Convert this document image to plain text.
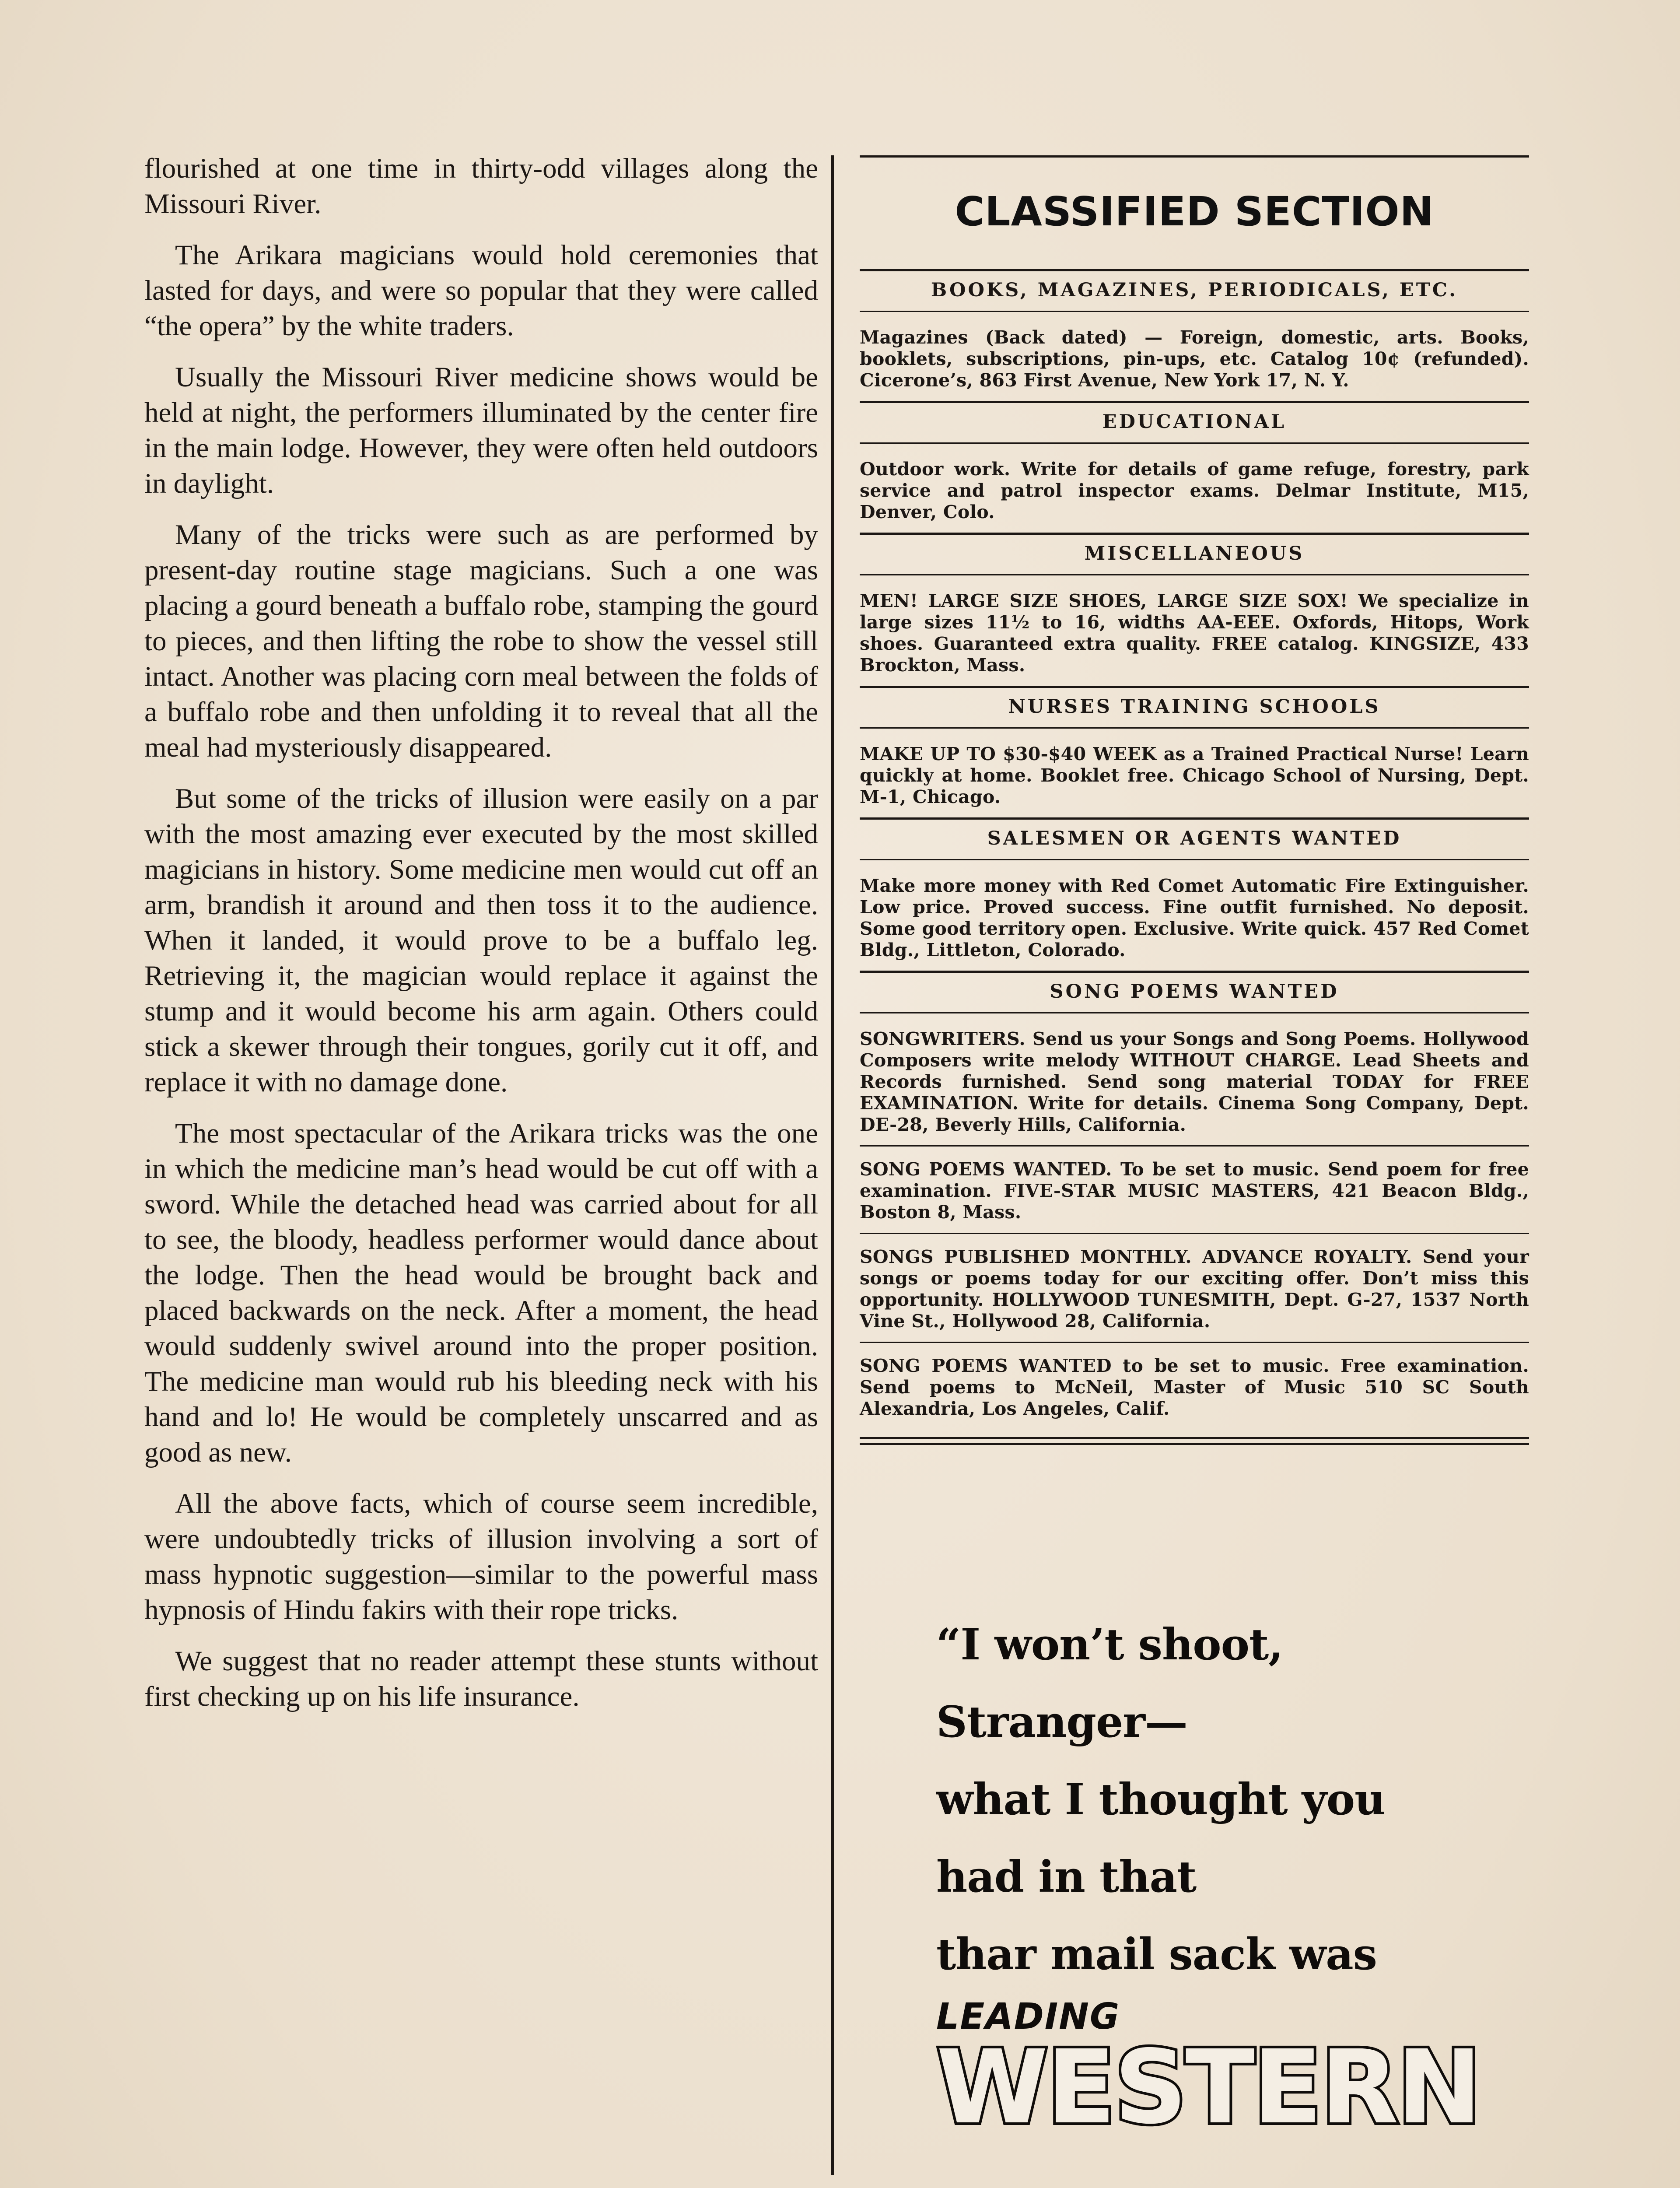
flourished at one time in thirty-odd villages along the Missouri River.

The Arikara magicians would hold ceremonies that lasted for days, and were so popular that they were called “the opera” by the white traders.

Usually the Missouri River medicine shows would be held at night, the performers illuminated by the center fire in the main lodge. However, they were often held outdoors in daylight.

Many of the tricks were such as are performed by present-day routine stage magicians. Such a one was placing a gourd beneath a buffalo robe, stamping the gourd to pieces, and then lifting the robe to show the vessel still intact. Another was placing corn meal between the folds of a buffalo robe and then unfolding it to reveal that all the meal had mysteriously disappeared.

But some of the tricks of illusion were easily on a par with the most amazing ever executed by the most skilled magicians in history. Some medicine men would cut off an arm, brandish it around and then toss it to the audience. When it landed, it would prove to be a buffalo leg. Retrieving it, the magician would replace it against the stump and it would become his arm again. Others could stick a skewer through their tongues, gorily cut it off, and replace it with no damage done.

The most spectacular of the Arikara tricks was the one in which the medicine man’s head would be cut off with a sword. While the detached head was carried about for all to see, the bloody, headless performer would dance about the lodge. Then the head would be brought back and placed backwards on the neck. After a moment, the head would suddenly swivel around into the proper position. The medicine man would rub his bleeding neck with his hand and lo! He would be completely unscarred and as good as new.

All the above facts, which of course seem incredible, were undoubtedly tricks of illusion involving a sort of mass hypnotic suggestion—similar to the powerful mass hypnosis of Hindu fakirs with their rope tricks.

We suggest that no reader attempt these stunts without first checking up on his life insurance.

CLASSIFIED SECTION
BOOKS, MAGAZINES, PERIODICALS, ETC.
Magazines (Back dated) — Foreign, domestic, arts. Books, booklets, subscriptions, pin-ups, etc. Catalog 10¢ (refunded). Cicerone’s, 863 First Avenue, New York 17, N. Y.
EDUCATIONAL
Outdoor work. Write for details of game refuge, forestry, park service and patrol inspector exams. Delmar Institute, M15, Denver, Colo.
MISCELLANEOUS
MEN! LARGE SIZE SHOES, LARGE SIZE SOX! We specialize in large sizes 11½ to 16, widths AA-EEE. Oxfords, Hitops, Work shoes. Guaranteed extra quality. FREE catalog. KINGSIZE, 433 Brockton, Mass.
NURSES TRAINING SCHOOLS
MAKE UP TO $30-$40 WEEK as a Trained Practical Nurse! Learn quickly at home. Booklet free. Chicago School of Nursing, Dept. M-1, Chicago.
SALESMEN OR AGENTS WANTED
Make more money with Red Comet Automatic Fire Extinguisher. Low price. Proved success. Fine outfit furnished. No deposit. Some good territory open. Exclusive. Write quick. 457 Red Comet Bldg., Littleton, Colorado.
SONG POEMS WANTED
SONGWRITERS. Send us your Songs and Song Poems. Hollywood Composers write melody WITHOUT CHARGE. Lead Sheets and Records furnished. Send song material TODAY for FREE EXAMINATION. Write for details. Cinema Song Company, Dept. DE-28, Beverly Hills, California.
SONG POEMS WANTED. To be set to music. Send poem for free examination. FIVE-STAR MUSIC MASTERS, 421 Beacon Bldg., Boston 8, Mass.
SONGS PUBLISHED MONTHLY. ADVANCE ROYALTY. Send your songs or poems today for our exciting offer. Don’t miss this opportunity. HOLLYWOOD TUNESMITH, Dept. G-27, 1537 North Vine St., Hollywood 28, California.
SONG POEMS WANTED to be set to music. Free examination. Send poems to McNeil, Master of Music 510 SC South Alexandria, Los Angeles, Calif.
“I won’t shoot,
Stranger—
what I thought you
had in that
thar mail sack was
LEADING
WESTERN
